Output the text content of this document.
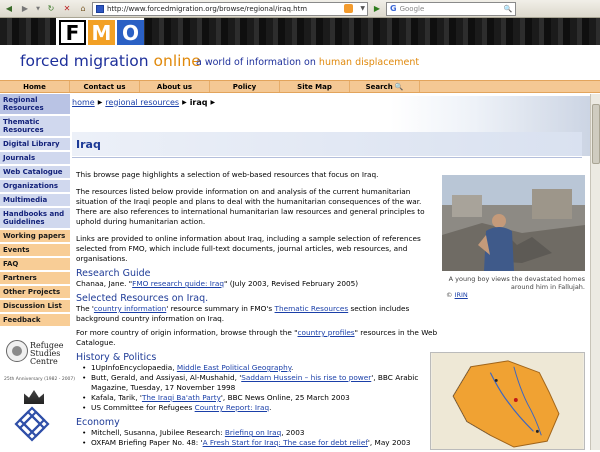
◀	▶	▼ ↻	✕	⌂	http://www.forcedmigration.org/browse/regional/iraq.htm	▼	▶	G Google	🔍
F M O
forced migration online
a world of information on human displacement
Home	Contact us	About us	Policy	Site Map	Search 🔍
Regional Resources
Thematic Resources
Digital Library
Journals
Web Catalogue
Organizations
Multimedia
Handbooks and Guidelines
Working papers
Events
FAQ
Partners
Other Projects
Discussion List
Feedback
Refugee Studies Centre
25th Anniversary (1982 - 2007)
home ▶ regional resources ▶ iraq ▶
Iraq

This browse page highlights a selection of web-based resources that focus on Iraq.

The resources listed below provide information on and analysis of the current humanitarian situation of the Iraqi people and plans to deal with the humanitarian consequences of the war. There are also references to international humanitarian law resources and general principles to uphold during humanitarian action.

Links are provided to online information about Iraq, including a sample selection of references selected from FMO, which include full-text documents, journal articles, web resources, and organisations.

Research Guide

Chanaa, Jane. "FMO research guide: Iraq" (July 2003, Revised February 2005)

Selected Resources on Iraq.

The 'country information' resource summary in FMO's Thematic Resources section includes background country information on Iraq.

For more country of origin information, browse through the "country profiles" resources in the Web Catalogue.

History & Politics
• 1UpInfoEncyclopaedia, Middle East Political Geography.
• Butt, Gerald, and Assiyasi, Al-Mushahid, 'Saddam Hussein – his rise to power', BBC Arabic Magazine, Tuesday, 17 November 1998
• Kafala, Tarik, 'The Iraqi Ba'ath Party', BBC News Online, 25 March 2003
• US Committee for Refugees Country Report: Iraq.
Economy
• Mitchell, Susanna, Jubilee Research: Briefing on Iraq, 2003
• OXFAM Briefing Paper No. 48: 'A Fresh Start for Iraq: The case for debt relief', May 2003
A young boy views the devastated homes around him in Fallujah.
© IRIN
